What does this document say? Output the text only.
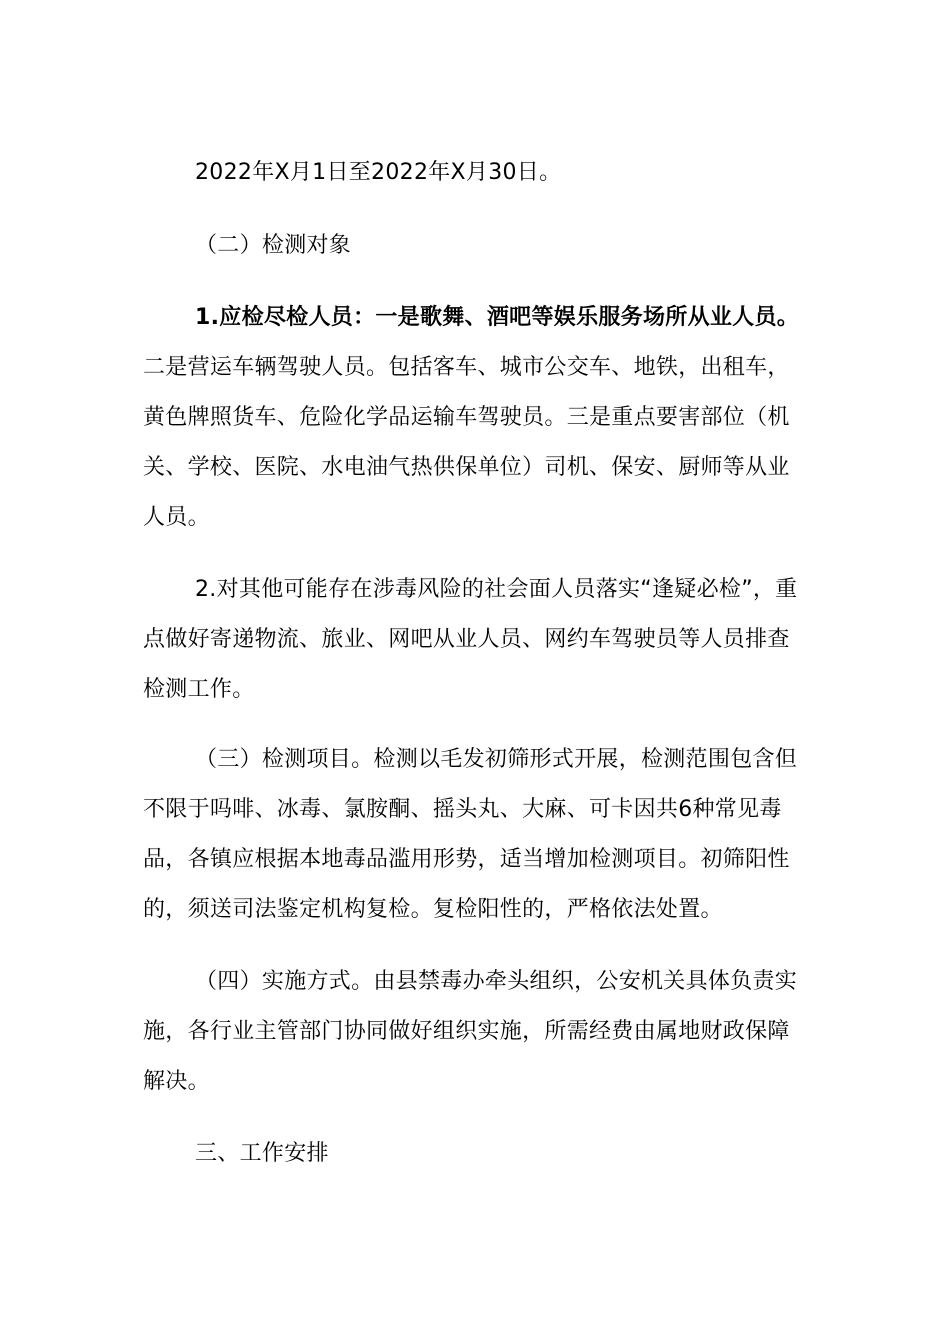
2022年X月1日至2022年X月30日。
（二）检测对象
1.应检尽检人员：一是歌舞、酒吧等娱乐服务场所从业人员。
二是营运车辆驾驶人员。包括客车、城市公交车、地铁，出租车，
黄色牌照货车、危险化学品运输车驾驶员。三是重点要害部位（机
关、学校、医院、水电油气热供保单位）司机、保安、厨师等从业
人员。
2.对其他可能存在涉毒风险的社会面人员落实“逢疑必检”，重
点做好寄递物流、旅业、网吧从业人员、网约车驾驶员等人员排查
检测工作。
（三）检测项目。检测以毛发初筛形式开展，检测范围包含但
不限于吗啡、冰毒、氯胺酮、摇头丸、大麻、可卡因共6种常见毒
品，各镇应根据本地毒品滥用形势，适当增加检测项目。初筛阳性
的，须送司法鉴定机构复检。复检阳性的，严格依法处置。
（四）实施方式。由县禁毒办牵头组织，公安机关具体负责实
施，各行业主管部门协同做好组织实施，所需经费由属地财政保障
解决。
三、工作安排
